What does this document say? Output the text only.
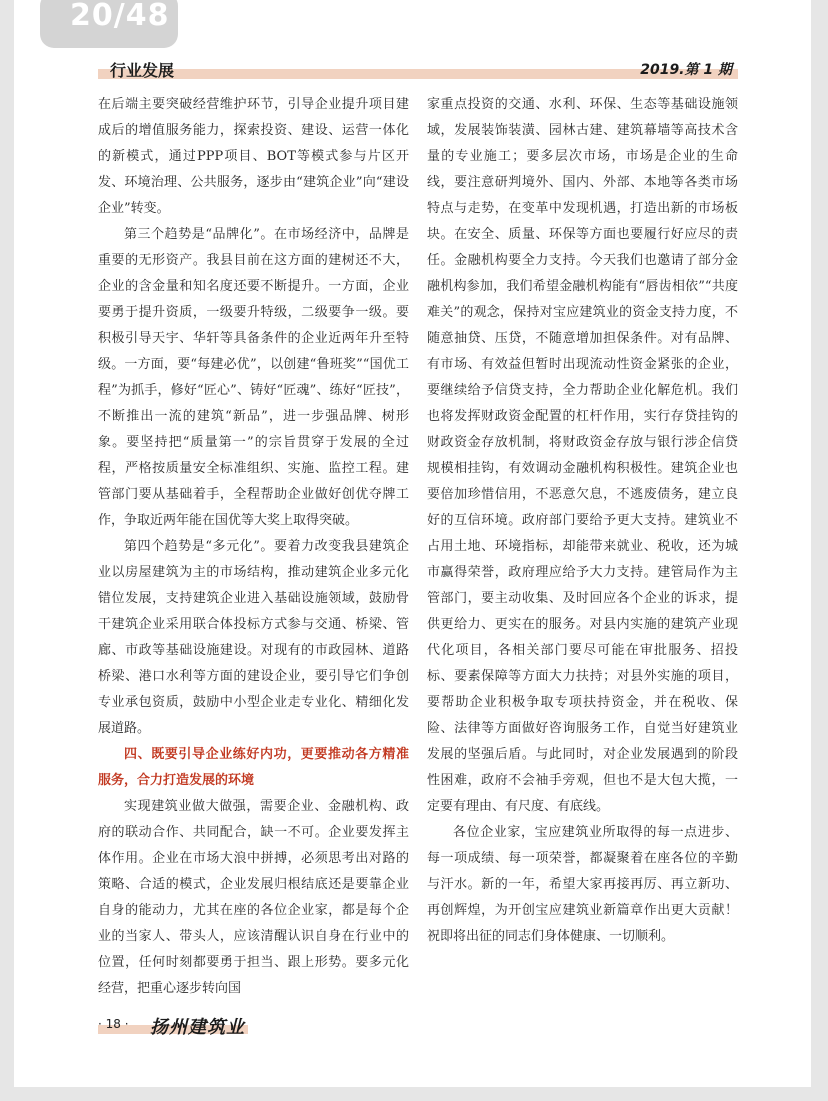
20/48
行业发展	2019.第 1 期

在后端主要突破经营维护环节，引导企业提升项目建成后的增值服务能力，探索投资、建设、运营一体化的新模式，通过PPP项目、BOT等模式参与片区开发、环境治理、公共服务，逐步由“建筑企业”向“建设企业”转变。

第三个趋势是“品牌化”。在市场经济中，品牌是重要的无形资产。我县目前在这方面的建树还不大，企业的含金量和知名度还要不断提升。一方面，企业要勇于提升资质，一级要升特级，二级要争一级。要积极引导天宇、华轩等具备条件的企业近两年升至特级。一方面，要“每建必优”，以创建“鲁班奖”“国优工程”为抓手，修好“匠心”、铸好“匠魂”、练好“匠技”，不断推出一流的建筑“新品”，进一步强品牌、树形象。要坚持把“质量第一”的宗旨贯穿于发展的全过程，严格按质量安全标准组织、实施、监控工程。建管部门要从基础着手，全程帮助企业做好创优夺牌工作，争取近两年能在国优等大奖上取得突破。

第四个趋势是“多元化”。要着力改变我县建筑企业以房屋建筑为主的市场结构，推动建筑企业多元化错位发展，支持建筑企业进入基础设施领域，鼓励骨干建筑企业采用联合体投标方式参与交通、桥梁、管廊、市政等基础设施建设。对现有的市政园林、道路桥梁、港口水利等方面的建设企业，要引导它们争创专业承包资质，鼓励中小型企业走专业化、精细化发展道路。

四、既要引导企业练好内功，更要推动各方精准服务，合力打造发展的环境

实现建筑业做大做强，需要企业、金融机构、政府的联动合作、共同配合，缺一不可。企业要发挥主体作用。企业在市场大浪中拼搏，必须思考出对路的策略、合适的模式，企业发展归根结底还是要靠企业自身的能动力，尤其在座的各位企业家，都是每个企业的当家人、带头人，应该清醒认识自身在行业中的位置，任何时刻都要勇于担当、跟上形势。要多元化经营，把重心逐步转向国

家重点投资的交通、水利、环保、生态等基础设施领域，发展装饰装潢、园林古建、建筑幕墙等高技术含量的专业施工；要多层次市场，市场是企业的生命线，要注意研判境外、国内、外部、本地等各类市场特点与走势，在变革中发现机遇，打造出新的市场板块。在安全、质量、环保等方面也要履行好应尽的责任。金融机构要全力支持。今天我们也邀请了部分金融机构参加，我们希望金融机构能有“唇齿相依”“共度难关”的观念，保持对宝应建筑业的资金支持力度，不随意抽贷、压贷，不随意增加担保条件。对有品牌、有市场、有效益但暂时出现流动性资金紧张的企业，要继续给予信贷支持，全力帮助企业化解危机。我们也将发挥财政资金配置的杠杆作用，实行存贷挂钩的财政资金存放机制，将财政资金存放与银行涉企信贷规模相挂钩，有效调动金融机构积极性。建筑企业也要倍加珍惜信用，不恶意欠息，不逃废债务，建立良好的互信环境。政府部门要给予更大支持。建筑业不占用土地、环境指标，却能带来就业、税收，还为城市赢得荣誉，政府理应给予大力支持。建管局作为主管部门，要主动收集、及时回应各个企业的诉求，提供更给力、更实在的服务。对县内实施的建筑产业现代化项目，各相关部门要尽可能在审批服务、招投标、要素保障等方面大力扶持；对县外实施的项目，要帮助企业积极争取专项扶持资金，并在税收、保险、法律等方面做好咨询服务工作，自觉当好建筑业发展的坚强后盾。与此同时，对企业发展遇到的阶段性困难，政府不会袖手旁观，但也不是大包大揽，一定要有理由、有尺度、有底线。

各位企业家，宝应建筑业所取得的每一点进步、每一项成绩、每一项荣誉，都凝聚着在座各位的辛勤与汗水。新的一年，希望大家再接再厉、再立新功、再创辉煌，为开创宝应建筑业新篇章作出更大贡献！祝即将出征的同志们身体健康、一切顺利。

· 18 · 扬州建筑业
